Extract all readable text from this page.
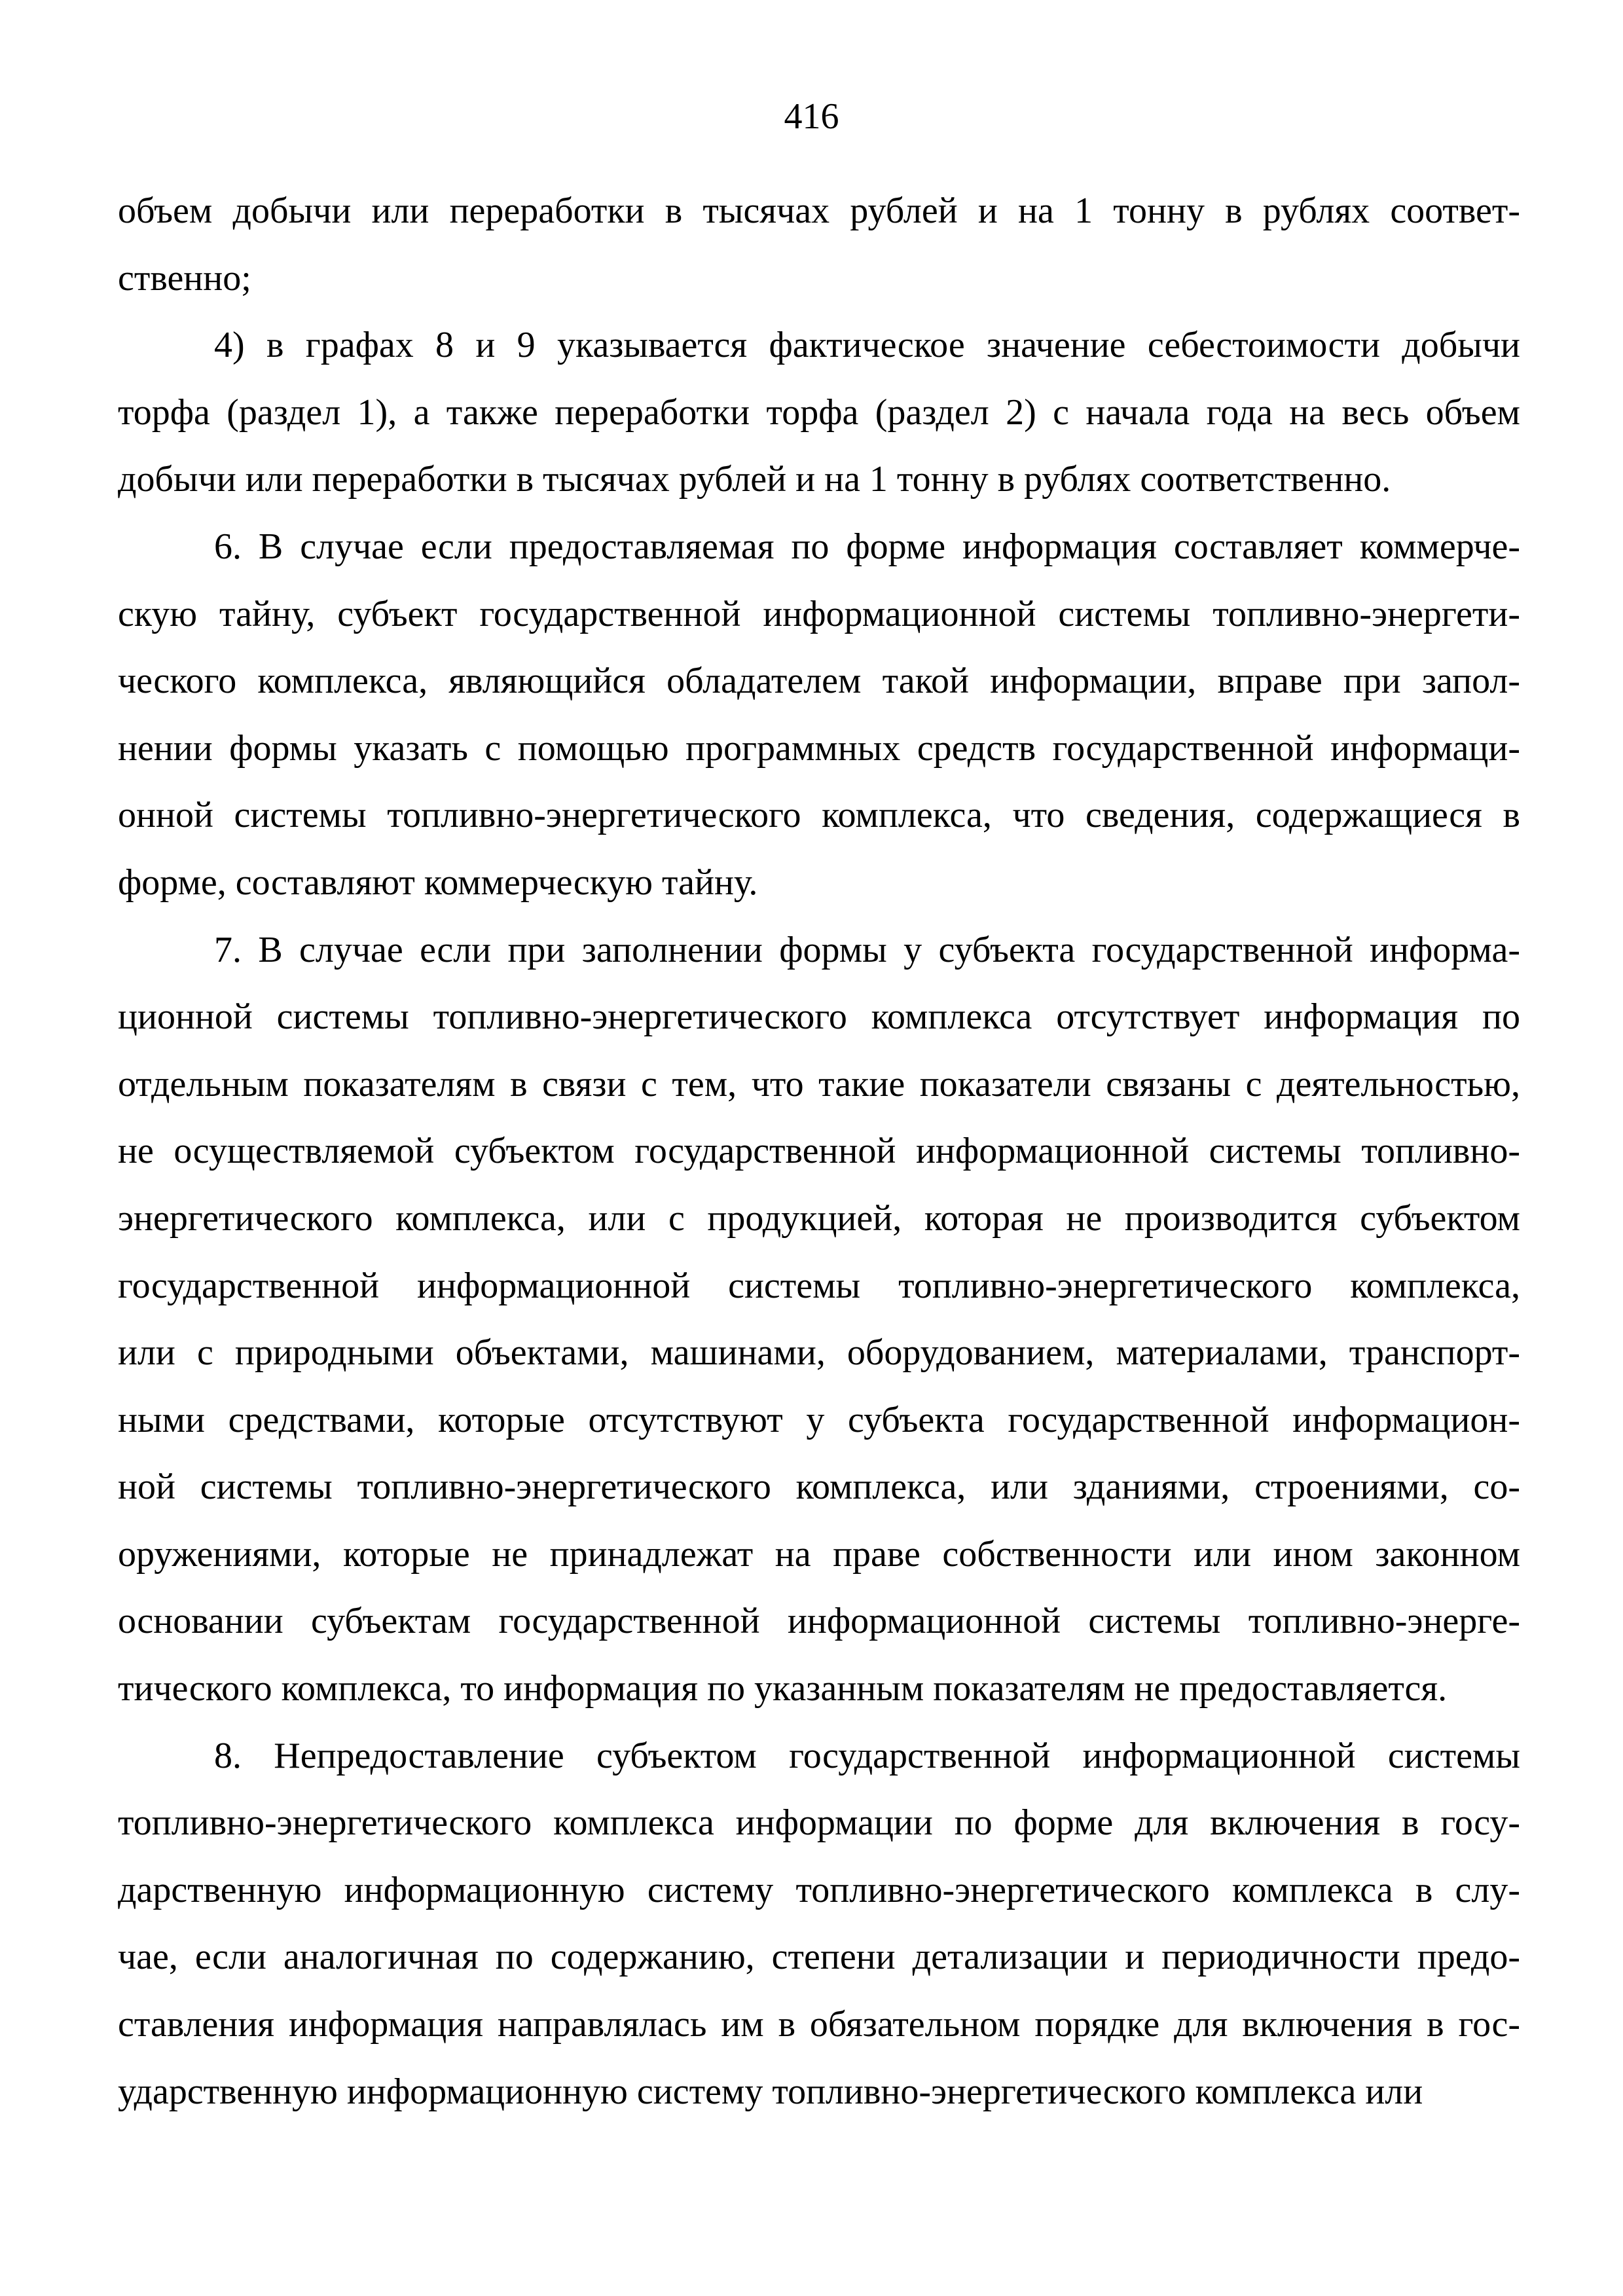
416
объем добычи или переработки в тысячах рублей и на 1 тонну в рублях соответ-
ственно;
4) в графах 8 и 9 указывается фактическое значение себестоимости добычи
торфа (раздел 1), а также переработки торфа (раздел 2) с начала года на весь объем
добычи или переработки в тысячах рублей и на 1 тонну в рублях соответственно.
6. В случае если предоставляемая по форме информация составляет коммерче-
скую тайну, субъект государственной информационной системы топливно-энергети-
ческого комплекса, являющийся обладателем такой информации, вправе при запол-
нении формы указать с помощью программных средств государственной информаци-
онной системы топливно-энергетического комплекса, что сведения, содержащиеся в
форме, составляют коммерческую тайну.
7. В случае если при заполнении формы у субъекта государственной информа-
ционной системы топливно-энергетического комплекса отсутствует информация по
отдельным показателям в связи с тем, что такие показатели связаны с деятельностью,
не осуществляемой субъектом государственной информационной системы топливно-
энергетического комплекса, или с продукцией, которая не производится субъектом
государственной информационной системы топливно-энергетического комплекса,
или с природными объектами, машинами, оборудованием, материалами, транспорт-
ными средствами, которые отсутствуют у субъекта государственной информацион-
ной системы топливно-энергетического комплекса, или зданиями, строениями, со-
оружениями, которые не принадлежат на праве собственности или ином законном
основании субъектам государственной информационной системы топливно-энерге-
тического комплекса, то информация по указанным показателям не предоставляется.
8. Непредоставление субъектом государственной информационной системы
топливно-энергетического комплекса информации по форме для включения в госу-
дарственную информационную систему топливно-энергетического комплекса в слу-
чае, если аналогичная по содержанию, степени детализации и периодичности предо-
ставления информация направлялась им в обязательном порядке для включения в гос-
ударственную информационную систему топливно-энергетического комплекса или
